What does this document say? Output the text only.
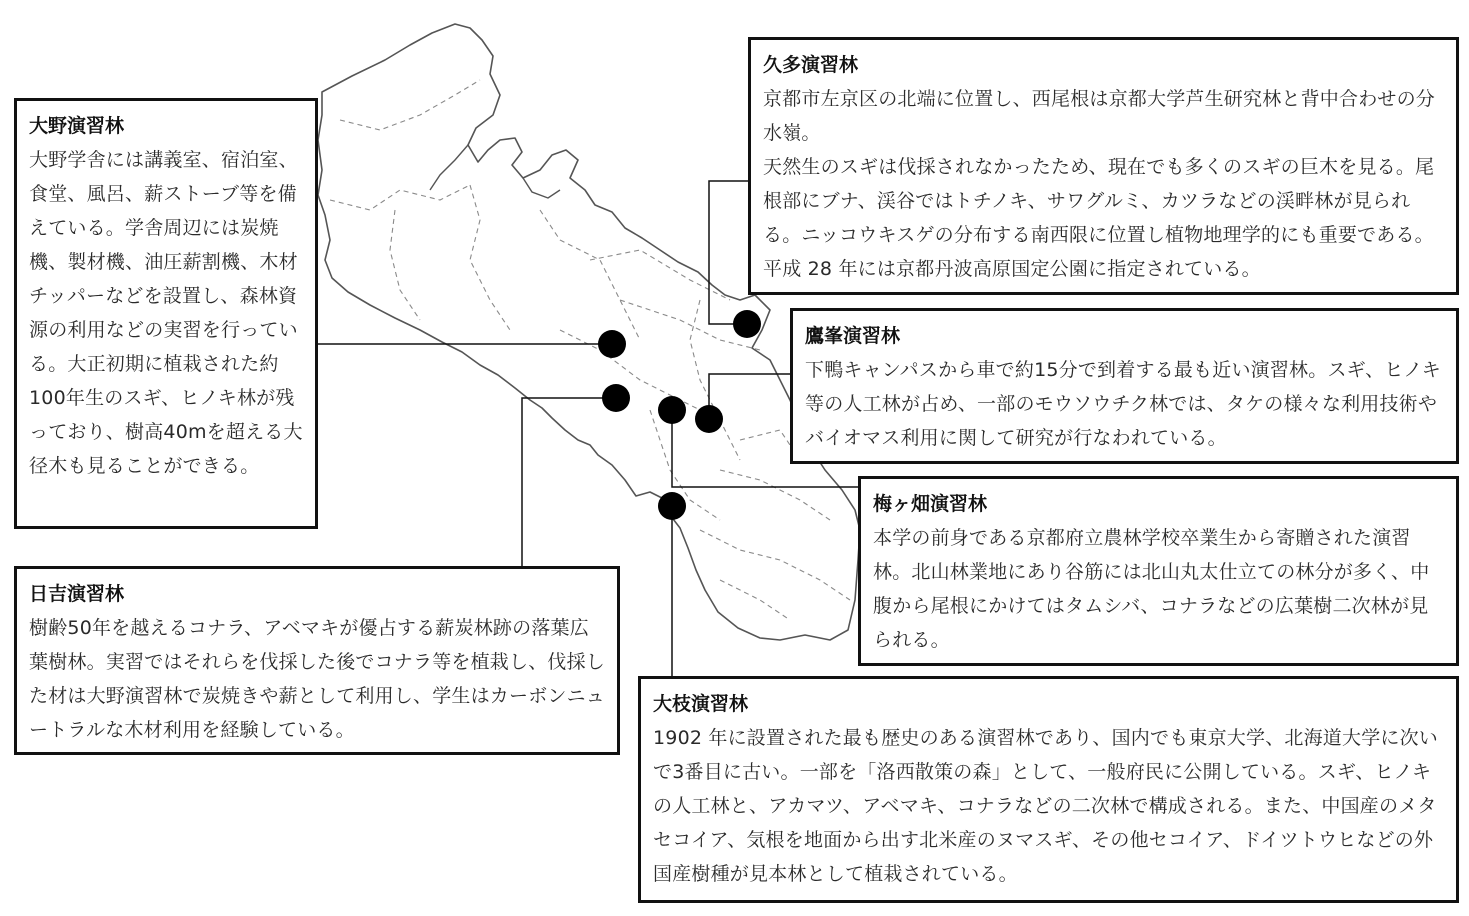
大野演習林

大野学舎には講義室、宿泊室、食堂、風呂、薪ストーブ等を備えている。学舎周辺には炭焼機、製材機、油圧薪割機、木材チッパーなどを設置し、森林資源の利用などの実習を行っている。大正初期に植栽された約100年生のスギ、ヒノキ林が残っており、樹高40mを超える大径木も見ることができる。

日吉演習林

樹齢50年を越えるコナラ、アベマキが優占する薪炭林跡の落葉広葉樹林。実習ではそれらを伐採した後でコナラ等を植栽し、伐採した材は大野演習林で炭焼きや薪として利用し、学生はカーボンニュートラルな木材利用を経験している。

久多演習林

京都市左京区の北端に位置し、西尾根は京都大学芦生研究林と背中合わせの分水嶺。

天然生のスギは伐採されなかったため、現在でも多くのスギの巨木を見る。尾根部にブナ、渓谷ではトチノキ、サワグルミ、カツラなどの渓畔林が見られる。ニッコウキスゲの分布する南西限に位置し植物地理学的にも重要である。平成 28 年には京都丹波高原国定公園に指定されている。

鷹峯演習林

下鴨キャンパスから車で約15分で到着する最も近い演習林。スギ、ヒノキ等の人工林が占め、一部のモウソウチク林では、タケの様々な利用技術やバイオマス利用に関して研究が行なわれている。

梅ヶ畑演習林

本学の前身である京都府立農林学校卒業生から寄贈された演習林。北山林業地にあり谷筋には北山丸太仕立ての林分が多く、中腹から尾根にかけてはタムシバ、コナラなどの広葉樹二次林が見られる。

大枝演習林

1902 年に設置された最も歴史のある演習林であり、国内でも東京大学、北海道大学に次いで3番目に古い。一部を「洛西散策の森」として、一般府民に公開している。スギ、ヒノキの人工林と、アカマツ、アベマキ、コナラなどの二次林で構成される。また、中国産のメタセコイア、気根を地面から出す北米産のヌマスギ、その他セコイア、ドイツトウヒなどの外国産樹種が見本林として植栽されている。
